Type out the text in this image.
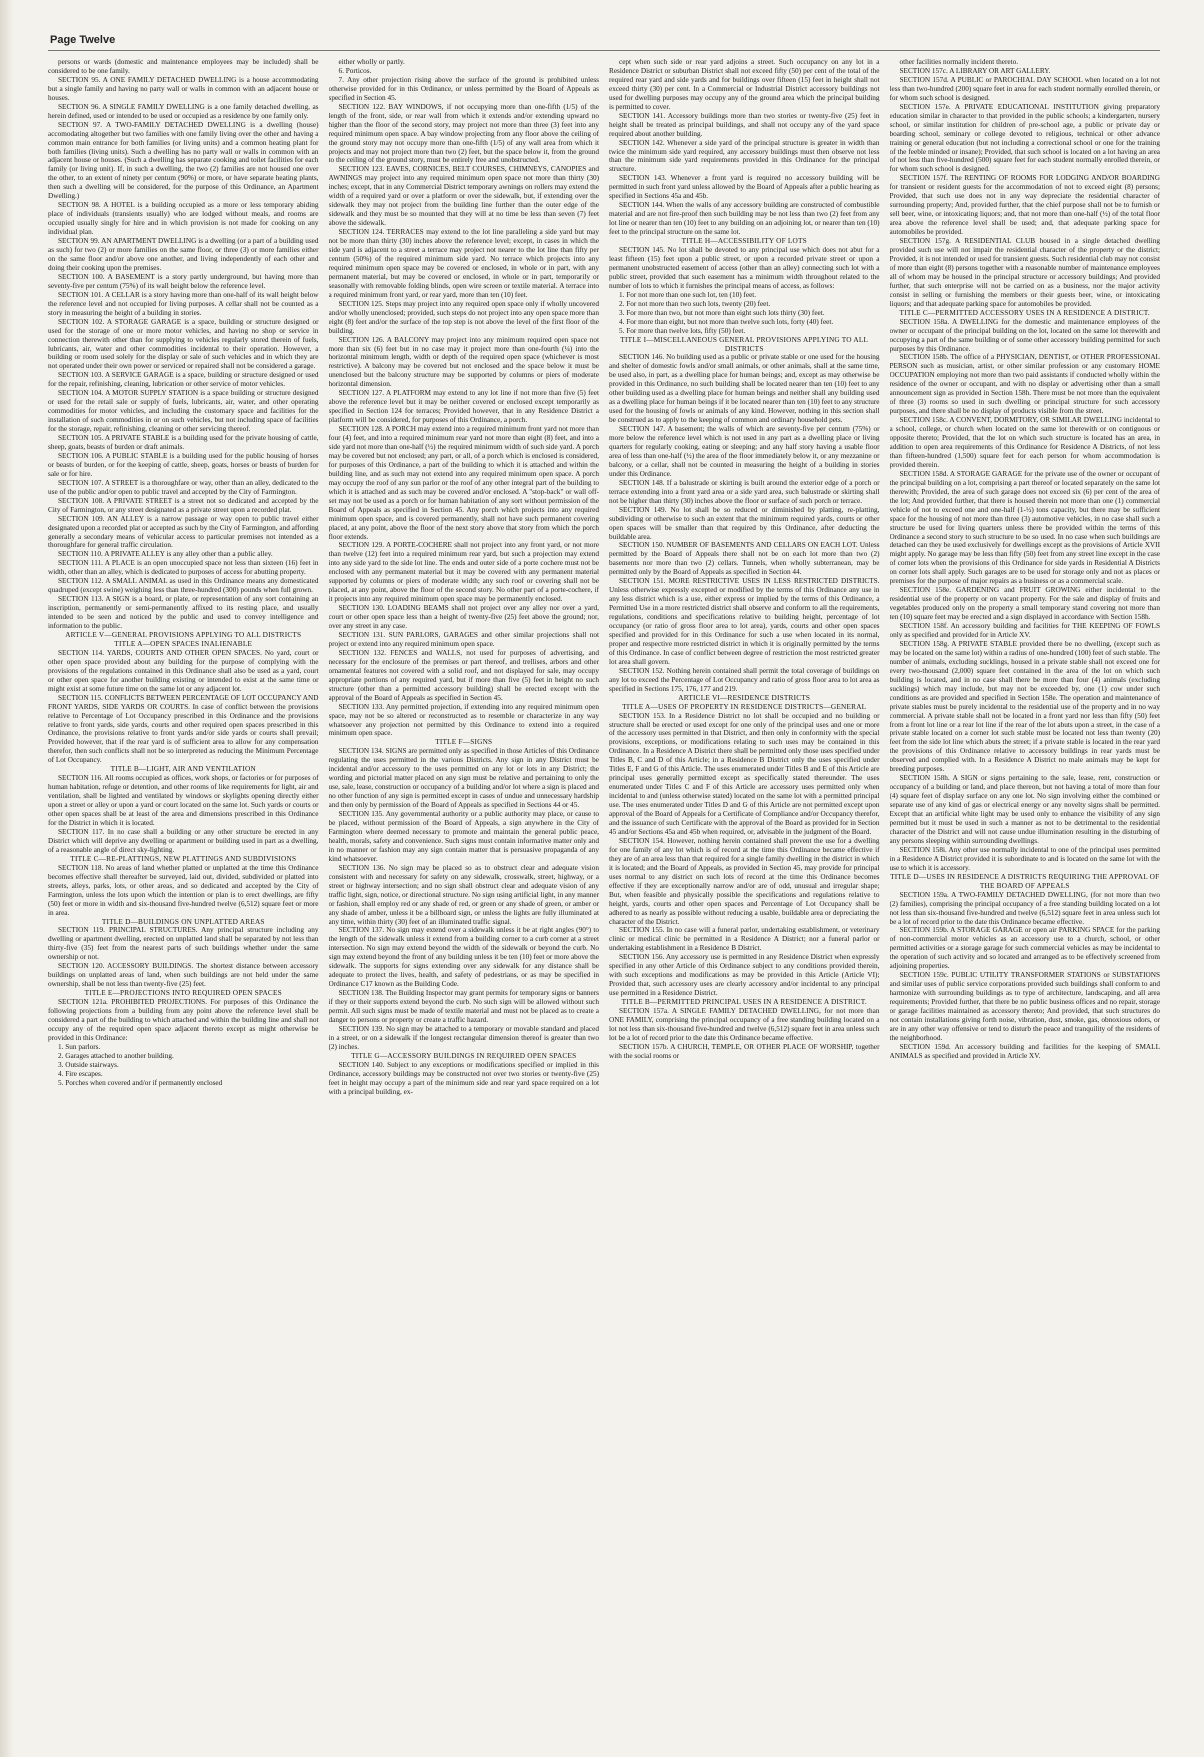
Page Twelve

persons or wards (domestic and maintenance employees may be included) shall be considered to be one family.

SECTION 95. A ONE FAMILY DETACHED DWELLING is a house accommodating but a single family and having no party wall or walls in common with an adjacent house or houses.

SECTION 96. A SINGLE FAMILY DWELLING is a one family detached dwelling, as herein defined, used or intended to be used or occupied as a residence by one family only.

SECTION 97. A TWO-FAMILY DETACHED DWELLING is a dwelling (house) accomodating altogether but two families with one family living over the other and having a common main entrance for both families (or living units) and a common heating plant for both families (living units). Such a dwelling has no party wall or walls in common with an adjacent house or houses. (Such a dwelling has separate cooking and toilet facilities for each family (or living unit). If, in such a dwelling, the two (2) families are not housed one over the other, to an extent of ninety per centum (90%) or more, or have separate heating plants, then such a dwelling will be considered, for the purpose of this Ordinance, an Apartment Dwelling.)

SECTION 98. A HOTEL is a building occupied as a more or less temporary abiding place of individuals (transients usually) who are lodged without meals, and rooms are occupied usually singly for hire and in which provision is not made for cooking on any individual plan.

SECTION 99. AN APARTMENT DWELLING is a dwelling (or a part of a building used as such) for two (2) or more families on the same floor, or three (3) or more families either on the same floor and/or above one another, and living independently of each other and doing their cooking upon the premises.

SECTION 100. A BASEMENT is a story partly underground, but having more than seventy-five per centum (75%) of its wall height below the reference level.

SECTION 101. A CELLAR is a story having more than one-half of its wall height below the reference level and not occupied for living purposes. A cellar shall not be counted as a story in measuring the height of a building in stories.

SECTION 102. A STORAGE GARAGE is a space, building or structure designed or used for the storage of one or more motor vehicles, and having no shop or service in connection therewith other than for supplying to vehicles regularly stored therein of fuels, lubricants, air, water and other commodities incidental to their operation. However, a building or room used solely for the display or sale of such vehicles and in which they are not operated under their own power or serviced or repaired shall not be considered a garage.

SECTION 103. A SERVICE GARAGE is a space, building or structure designed or used for the repair, refinishing, cleaning, lubrication or other service of motor vehicles.

SECTION 104. A MOTOR SUPPLY STATION is a space building or structure designed or used for the retail sale or supply of fuels, lubricants, air, water, and other operating commodities for motor vehicles, and including the customary space and facilities for the installation of such commodities in or on such vehicles, but not including space of facilities for the storage, repair, refinishing, cleaning or other servicing thereof.

SECTION 105. A PRIVATE STABLE is a building used for the private housing of cattle, sheep, goats, beasts of burden or draft animals.

SECTION 106. A PUBLIC STABLE is a building used for the public housing of horses or beasts of burden, or for the keeping of cattle, sheep, goats, horses or beasts of burden for sale or for hire.

SECTION 107. A STREET is a thoroughfare or way, other than an alley, dedicated to the use of the public and/or open to public travel and accepted by the City of Farmington.

SECTION 108. A PRIVATE STREET is a street not so dedicated and accepted by the City of Farmington, or any street designated as a private street upon a recorded plat.

SECTION 109. AN ALLEY is a narrow passage or way open to public travel either designated upon a recorded plat or accepted as such by the City of Farmington, and affording generally a secondary means of vehicular access to particular premises not intended as a thoroughfare for general traffic circulation.

SECTION 110. A PRIVATE ALLEY is any alley other than a public alley.

SECTION 111. A PLACE is an open unoccupied space not less than sixteen (16) feet in width, other than an alley, which is dedicated to purposes of access for abutting property.

SECTION 112. A SMALL ANIMAL as used in this Ordinance means any domesticated quadruped (except swine) weighing less than three-hundred (300) pounds when full grown.

SECTION 113. A SIGN is a board, or plate, or representation of any sort containing an inscription, permanently or semi-permanently affixed to its resting place, and usually intended to be seen and noticed by the public and used to convey intelligence and information to the public.

ARTICLE V—GENERAL PROVISIONS APPLYING TO ALL DISTRICTS

TITLE A—OPEN SPACES INALIENABLE

SECTION 114. YARDS, COURTS AND OTHER OPEN SPACES. No yard, court or other open space provided about any building for the purpose of complying with the provisions of the regulations contained in this Ordinance shall also be used as a yard, court or other open space for another building existing or intended to exist at the same time or might exist at some future time on the same lot or any adjacent lot.

SECTION 115. CONFLICTS BETWEEN PERCENTAGE OF LOT OCCUPANCY AND FRONT YARDS, SIDE YARDS OR COURTS. In case of conflict between the provisions relative to Percentage of Lot Occupancy prescribed in this Ordinance and the provisions relative to front yards, side yards, courts and other required open spaces prescribed in this Ordinance, the provisions relative to front yards and/or side yards or courts shall prevail; Provided however, that if the rear yard is of sufficient area to allow for any compensation therefor, then such conflicts shall not be so interpreted as reducing the Minimum Percentage of Lot Occupancy.

TITLE B—LIGHT, AIR AND VENTILATION

SECTION 116. All rooms occupied as offices, work shops, or factories or for purposes of human habitation, refuge or detention, and other rooms of like requirements for light, air and ventilation, shall be lighted and ventilated by windows or skylights opening directly either upon a street or alley or upon a yard or court located on the same lot. Such yards or courts or other open spaces shall be at least of the area and dimensions prescribed in this Ordinance for the District in which it is located.

SECTION 117. In no case shall a building or any other structure be erected in any District which will deprive any dwelling or apartment or building used in part as a dwelling, of a reasonable angle of direct sky-lighting.

TITLE C—RE-PLATTINGS, NEW PLATTINGS AND SUBDIVISIONS

SECTION 118. No areas of land whether platted or unplatted at the time this Ordinance becomes effective shall thereafter be surveyed, laid out, divided, subdivided or platted into streets, alleys, parks, lots, or other areas, and so dedicated and accepted by the City of Farmington, unless the lots upon which the intention or plan is to erect dwellings, are fifty (50) feet or more in width and six-thousand five-hundred twelve (6,512) square feet or more in area.

TITLE D—BUILDINGS ON UNPLATTED AREAS

SECTION 119. PRINCIPAL STRUCTURES. Any principal structure including any dwelling or apartment dwelling, erected on unplatted land shall be separated by not less than thirty-five (35) feet from the nearest parts of such buildings whether under the same ownership or not.

SECTION 120. ACCESSORY BUILDINGS. The shortest distance between accessory buildings on unplatted areas of land, when such buildings are not held under the same ownership, shall be not less than twenty-five (25) feet.

TITLE E—PROJECTIONS INTO REQUIRED OPEN SPACES

SECTION 121a. PROHIBITED PROJECTIONS. For purposes of this Ordinance the following projections from a building from any point above the reference level shall be considered a part of the building to which attached and within the building line and shall not occupy any of the required open space adjacent thereto except as might otherwise be provided in this Ordinance:

1. Sun parlors.

2. Garages attached to another building.

3. Outside stairways.

4. Fire escapes.

5. Porches when covered and/or if permanently enclosed

either wholly or partly.

6. Porticos.

7. Any other projection rising above the surface of the ground is prohibited unless otherwise provided for in this Ordinance, or unless permitted by the Board of Appeals as specified in Section 45.

SECTION 122. BAY WINDOWS, if not occupying more than one-fifth (1/5) of the length of the front, side, or rear wall from which it extends and/or extending upward no higher than the floor of the second story, may project not more than three (3) feet into any required minimum open space. A bay window projecting from any floor above the ceiling of the ground story may not occupy more than one-fifth (1/5) of any wall area from which it projects and may not project more than two (2) feet, but the space below it, from the ground to the ceiling of the ground story, must be entirely free and unobstructed.

SECTION 123. EAVES, CORNICES, BELT COURSES, CHIMNEYS, CANOPIES and AWNINGS may project into any required minimum open space not more than thirty (30) inches; except, that in any Commercial District temporary awnings on rollers may extend the width of a required yard or over a platform or over the sidewalk, but, if extending over the sidewalk they may not project from the building line further than the outer edge of the sidewalk and they must be so mounted that they will at no time be less than seven (7) feet above the sidewalk.

SECTION 124. TERRACES may extend to the lot line paralleling a side yard but may not be more than thirty (30) inches above the reference level; except, in cases in which the side yard is adjacent to a street a terrace may project not nearer to the lot line than fifty per centum (50%) of the required minimum side yard. No terrace which projects into any required minimum open space may be covered or enclosed, in whole or in part, with any permanent material, but may be covered or enclosed, in whole or in part, temporarily or seasonally with removable folding blinds, open wire screen or textile material. A terrace into a required minimum front yard, or rear yard, more than ten (10) feet.

SECTION 125. Steps may project into any required open space only if wholly uncovered and/or wholly unenclosed; provided, such steps do not project into any open space more than eight (8) feet and/or the surface of the top step is not above the level of the first floor of the building.

SECTION 126. A BALCONY may project into any minimum required open space not more than six (6) feet but in no case may it project more than one-fourth (¼) into the horizontal minimum length, width or depth of the required open space (whichever is most restrictive). A balcony may be covered but not enclosed and the space below it must be unenclosed but the balcony structure may be supported by columns or piers of moderate horizontal dimension.

SECTION 127. A PLATFORM may extend to any lot line if not more than five (5) feet above the reference level but it may be neither covered or enclosed except temporarily as specified in Section 124 for terraces; Provided however, that in any Residence District a platform will be considered, for purposes of this Ordinance, a porch.

SECTION 128. A PORCH may extend into a required minimum front yard not more than four (4) feet, and into a required minimum rear yard not more than eight (8) feet, and into a side yard not more than one-half (½) the required minimum width of such side yard. A porch may be covered but not enclosed; any part, or all, of a porch which is enclosed is considered, for purposes of this Ordinance, a part of the building to which it is attached and within the building line, and as such may not extend into any required minimum open space. A porch may occupy the roof of any sun parlor or the roof of any other integral part of the building to which it is attached and as such may be covered and/or enclosed. A "stop-back" or wall off-set may not be used as a porch or for human habitation of any sort without permission of the Board of Appeals as specified in Section 45. Any porch which projects into any required minimum open space, and is covered permanently, shall not have such permanent covering placed, at any point, above the floor of the next story above that story from which the porch floor extends.

SECTION 129. A PORTE-COCHERE shall not project into any front yard, or not more than twelve (12) feet into a required minimum rear yard, but such a projection may extend into any side yard to the side lot line. The ends and outer side of a porte cochere must not be enclosed with any permanent material but it may be covered with any permanent material supported by columns or piers of moderate width; any such roof or covering shall not be placed, at any point, above the floor of the second story. No other part of a porte-cochere, if it projects into any required minimum open space may be permanently enclosed.

SECTION 130. LOADING BEAMS shall not project over any alley nor over a yard, court or other open space less than a height of twenty-five (25) feet above the ground; nor, over any street in any case.

SECTION 131. SUN PARLORS, GARAGES and other similar projections shall not project or extend into any required minimum open space.

SECTION 132. FENCES and WALLS, not used for purposes of advertising, and necessary for the enclosure of the premises or part thereof, and trellises, arbors and other ornamental features not covered with a solid roof, and not displayed for sale, may occupy appropriate portions of any required yard, but if more than five (5) feet in height no such structure (other than a permitted accessory building) shall be erected except with the approval of the Board of Appeals as specified in Section 45.

SECTION 133. Any permitted projection, if extending into any required minimum open space, may not be so altered or reconstructed as to resemble or characterize in any way whatsoever any projection not permitted by this Ordinance to extend into a required minimum open space.

TITLE F—SIGNS

SECTION 134. SIGNS are permitted only as specified in those Articles of this Ordinance regulating the uses permitted in the various Districts. Any sign in any District must be incidental and/or accessory to the uses permitted on any lot or lots in any District; the wording and pictorial matter placed on any sign must be relative and pertaining to only the use, sale, lease, construction or occupancy of a building and/or lot where a sign is placed and no other function of any sign is permitted except in cases of undue and unnecessary hardship and then only by permission of the Board of Appeals as specified in Sections 44 or 45.

SECTION 135. Any governmental authority or a public authority may place, or cause to be placed, without permission of the Board of Appeals, a sign anywhere in the City of Farmington where deemed necessary to promote and maintain the general public peace, health, morals, safety and convenience. Such signs must contain informative matter only and in no manner or fashion may any sign contain matter that is persuasive propaganda of any kind whatsoever.

SECTION 136. No sign may be placed so as to obstruct clear and adequate vision consistent with and necessary for safety on any sidewalk, crosswalk, street, highway, or a street or highway intersection; and no sign shall obstruct clear and adequate vision of any traffic light, sign, notice, or directional structure. No sign using artificial light, in any manner or fashion, shall employ red or any shade of red, or green or any shade of green, or amber or any shade of amber, unless it be a billboard sign, or unless the lights are fully illuminated at any time, within thirty (30) feet of an illuminated traffic signal.

SECTION 137. No sign may extend over a sidewalk unless it be at right angles (90°) to the length of the sidewalk unless it extend from a building corner to a curb corner at a street intersection. No sign may extend beyond the width of the sidewalk or beyond the curb. No sign may extend beyond the front of any building unless it be ten (10) feet or more above the sidewalk. The supports for signs extending over any sidewalk for any distance shall be adequate to protect the lives, health, and safety of pedestrians, or as may be specified in Ordinance C17 known as the Building Code.

SECTION 138. The Building Inspector may grant permits for temporary signs or banners if they or their supports extend beyond the curb. No such sign will be allowed without such permit. All such signs must be made of textile material and must not be placed as to create a danger to persons or property or create a traffic hazard.

SECTION 139. No sign may be attached to a temporary or movable standard and placed in a street, or on a sidewalk if the longest rectangular dimension thereof is greater than two (2) inches.

TITLE G—ACCESSORY BUILDINGS IN REQUIRED OPEN SPACES

SECTION 140. Subject to any exceptions or modifications specified or implied in this Ordinance, accessory buildings may be constructed not over two stories or twenty-five (25) feet in height may occupy a part of the minimum side and rear yard space required on a lot with a principal building, ex-

cept when such side or rear yard adjoins a street. Such occupancy on any lot in a Residence District or suburban District shall not exceed fifty (50) per cent of the total of the required rear yard and side yards and for buildings over fifteen (15) feet in height shall not exceed thirty (30) per cent. In a Commercial or Industrial District accessory buildings not used for dwelling purposes may occupy any of the ground area which the principal building is permitted to cover.

SECTION 141. Accessory buildings more than two stories or twenty-five (25) feet in height shall be treated as principal buildings, and shall not occupy any of the yard space required about another building.

SECTION 142. Whenever a side yard of the principal structure is greater in width than twice the minimum side yard required, any accessory buildings must then observe not less than the minimum side yard requirements provided in this Ordinance for the principal structure.

SECTION 143. Whenever a front yard is required no accessory building will be permitted in such front yard unless allowed by the Board of Appeals after a public hearing as specified in Sections 45a and 45b.

SECTION 144. When the walls of any accessory building are constructed of combustible material and are not fire-proof then such building may be not less than two (2) feet from any lot line or nearer than ten (10) feet to any building on an adjoining lot, or nearer than ten (10) feet to the principal structure on the same lot.

TITLE H—ACCESSIBILITY OF LOTS

SECTION 145. No lot shall be devoted to any principal use which does not abut for a least fifteen (15) feet upon a public street, or upon a recorded private street or upon a permanent unobstructed easement of access (other than an alley) connecting such lot with a public street, provided that such easement has a minimum width throughout related to the number of lots to which it furnishes the principal means of access, as follows:

1. For not more than one such lot, ten (10) feet.

2. For not more than two such lots, twenty (20) feet.

3. For more than two, but not more than eight such lots thirty (30) feet.

4. For more than eight, but not more than twelve such lots, forty (40) feet.

5. For more than twelve lots, fifty (50) feet.

TITLE I—MISCELLANEOUS GENERAL PROVISIONS APPLYING TO ALL DISTRICTS

SECTION 146. No building used as a public or private stable or one used for the housing and shelter of domestic fowls and/or small animals, or other animals, shall at the same time, be used also, in part, as a dwelling place for human beings; and, except as may otherwise be provided in this Ordinance, no such building shall be located nearer than ten (10) feet to any other building used as a dwelling place for human beings and neither shall any building used as a dwelling place for human beings if it be located nearer than ten (10) feet to any structure used for the housing of fowls or animals of any kind. However, nothing in this section shall be construed as to apply to the keeping of common and ordinary household pets.

SECTION 147. A basement; the walls of which are seventy-five per centum (75%) or more below the reference level which is not used in any part as a dwelling place or living quarters for regularly cooking, eating or sleeping; and any half story having a usable floor area of less than one-half (½) the area of the floor immediately below it, or any mezzanine or balcony, or a cellar, shall not be counted in measuring the height of a building in stories under this Ordinance.

SECTION 148. If a balustrade or skirting is built around the exterior edge of a porch or terrace extending into a front yard area or a side yard area, such balustrade or skirting shall not be higher than thirty (30) inches above the floor or surface of such porch or terrace.

SECTION 149. No lot shall be so reduced or diminished by platting, re-platting, subdividing or otherwise to such an extent that the minimum required yards, courts or other open spaces will be smaller than that required by this Ordinance, after deducting the buildable area.

SECTION 150. NUMBER OF BASEMENTS AND CELLARS ON EACH LOT. Unless permitted by the Board of Appeals there shall not be on each lot more than two (2) basements nor more than two (2) cellars. Tunnels, when wholly subterranean, may be permitted only by the Board of Appeals as specified in Section 44.

SECTION 151. MORE RESTRICTIVE USES IN LESS RESTRICTED DISTRICTS. Unless otherwise expressly excepted or modified by the terms of this Ordinance any use in any less district which is a use, either express or implied by the terms of this Ordinance, a Permitted Use in a more restricted district shall observe and conform to all the requirements, regulations, conditions and specifications relative to building height, percentage of lot occupancy (or ratio of gross floor area to lot area), yards, courts and other open spaces specified and provided for in this Ordinance for such a use when located in its normal, proper and respective more restricted district in which it is originally permitted by the terms of this Ordinance. In case of conflict between degree of restriction the most restricted greater lot area shall govern.

SECTION 152. Nothing herein contained shall permit the total coverage of buildings on any lot to exceed the Percentage of Lot Occupancy and ratio of gross floor area to lot area as specified in Sections 175, 176, 177 and 219.

ARTICLE VI—RESIDENCE DISTRICTS

TITLE A—USES OF PROPERTY IN RESIDENCE DISTRICTS—GENERAL

SECTION 153. In a Residence District no lot shall be occupied and no building or structure shall be erected or used except for one only of the principal uses and one or more of the accessory uses permitted in that District, and then only in conformity with the special provisions, exceptions, or modifications relating to such uses may be contained in this Ordinance. In a Residence A District there shall be permitted only those uses specified under Titles B, C and D of this Article; in a Residence B District only the uses specified under Titles E, F and G of this Article. The uses enumerated under Titles B and E of this Article are principal uses generally permitted except as specifically stated thereunder. The uses enumerated under Titles C and F of this Article are accessory uses permitted only when incidental to and (unless otherwise stated) located on the same lot with a permitted principal use. The uses enumerated under Titles D and G of this Article are not permitted except upon approval of the Board of Appeals for a Certificate of Compliance and/or Occupancy therefor, and the issuance of such Certificate with the approval of the Board as provided for in Section 45 and/or Sections 45a and 45b when required, or, advisable in the judgment of the Board.

SECTION 154. However, nothing herein contained shall prevent the use for a dwelling for one family of any lot which is of record at the time this Ordinance became effective if they are of an area less than that required for a single family dwelling in the district in which it is located; and the Board of Appeals, as provided in Section 45, may provide for principal uses normal to any district on such lots of record at the time this Ordinance becomes effective if they are exceptionally narrow and/or are of odd, unusual and irregular shape; But, when feasible and physically possible the specifications and regulations relative to height, yards, courts and other open spaces and Percentage of Lot Occupancy shall be adhered to as nearly as possible without reducing a usable, buildable area or depreciating the character of the District.

SECTION 155. In no case will a funeral parlor, undertaking establishment, or veterinary clinic or medical clinic be permitted in a Residence A District; nor a funeral parlor or undertaking establishment in a Residence B District.

SECTION 156. Any accessory use is permitted in any Residence District when expressly specified in any other Article of this Ordinance subject to any conditions provided therein, with such exceptions and modifications as may be provided in this Article (Article VI); Provided that, such accessory uses are clearly accessory and/or incidental to any principal use permitted in a Residence District.

TITLE B—PERMITTED PRINCIPAL USES IN A RESIDENCE A DISTRICT.

SECTION 157a. A SINGLE FAMILY DETACHED DWELLING, for not more than ONE FAMILY, comprising the principal occupancy of a free standing building located on a lot not less than six-thousand five-hundred and twelve (6,512) square feet in area unless such lot be a lot of record prior to the date this Ordinance became effective.

SECTION 157b. A CHURCH, TEMPLE, OR OTHER PLACE OF WORSHIP, together with the social rooms or

other facilities normally incident thereto.

SECTION 157c. A LIBRARY OR ART GALLERY.

SECTION 157d. A PUBLIC or PAROCHIAL DAY SCHOOL when located on a lot not less than two-hundred (200) square feet in area for each student normally enrolled therein, or for whom such school is designed.

SECTION 157e. A PRIVATE EDUCATIONAL INSTITUTION giving preparatory education similar in character to that provided in the public schools; a kindergarten, nursery school, or similar institution for children of pre-school age, a public or private day or boarding school, seminary or college devoted to religious, technical or other advance training or general education (but not including a correctional school or one for the training of the feeble minded or insane); Provided, that such school is located on a lot having an area of not less than five-hundred (500) square feet for each student normally enrolled therein, or for whom such school is designed.

SECTION 157f. The RENTING OF ROOMS FOR LODGING AND/OR BOARDING for transient or resident guests for the accommodation of not to exceed eight (8) persons; Provided, that such use does not in any way depreciate the residential character of surrounding property; And, provided further, that the chief purpose shall not be to furnish or sell beer, wine, or intoxicating liquors; and, that not more than one-half (½) of the total floor area above the reference level shall be used; and, that adequate parking space for automobiles be provided.

SECTION 157g. A RESIDENTIAL CLUB housed in a single detached dwelling provided such use will not impair the residential character of the property or the district; Provided, it is not intended or used for transient guests. Such residential club may not consist of more than eight (8) persons together with a reasonable number of maintenance employees all of whom may be housed in the principal structure or accessory buildings; And provided further, that such enterprise will not be carried on as a business, nor the major activity consist in selling or furnishing the members or their guests beer, wine, or intoxicating liquors; and that adequate parking space for automobiles be provided.

TITLE C—PERMITTED ACCESSORY USES IN A RESIDENCE A DISTRICT.

SECTION 158a. A DWELLING for the domestic and maintenance employees of the owner or occupant of the principal building on the lot, located on the same lot therewith and occupying a part of the same building or of some other accessory building permitted for such purposes by this Ordinance.

SECTION 158b. The office of a PHYSICIAN, DENTIST, or OTHER PROFESSIONAL PERSON such as musician, artist, or other similar profession or any customary HOME OCCUPATION employing not more than two paid assistants if conducted wholly within the residence of the owner or occupant, and with no display or advertising other than a small announcement sign as provided in Section 158h. There must be not more than the equivalent of three (3) rooms so used in such dwelling or principal structure for such accessory purposes, and there shall be no display of products visible from the street.

SECTION 158c. A CONVENT, DORMITORY, OR SIMILAR DWELLING incidental to a school, college, or church when located on the same lot therewith or on contiguous or opposite thereto; Provided, that the lot on which such structure is located has an area, in addition to open area requirements of this Ordinance for Residence A Districts, of not less than fifteen-hundred (1,500) square feet for each person for whom accommodation is provided therein.

SECTION 158d. A STORAGE GARAGE for the private use of the owner or occupant of the principal building on a lot, comprising a part thereof or located separately on the same lot therewith; Provided, the area of such garage does not exceed six (6) per cent of the area of the lot; And provided further, that there is housed therein not more than one (1) commercial vehicle of not to exceed one and one-half (1-½) tons capacity, but there may be sufficient space for the housing of not more than three (3) automotive vehicles, in no case shall such a structure be used for living quarters unless there be provided within the terms of this Ordinance a second story to such structure to be so used. In no case when such buildings are detached can they be used exclusively for dwellings except as the provisions of Article XVII might apply. No garage may be less than fifty (50) feet from any street line except in the case of corner lots when the provisions of this Ordinance for side yards in Residential A Districts on corner lots shall apply. Such garages are to be used for storage only and not as places or premises for the purpose of major repairs as a business or as a commercial scale.

SECTION 158e. GARDENING and FRUIT GROWING either incidental to the residential use of the property or on vacant property. For the sale and display of fruits and vegetables produced only on the property a small temporary stand covering not more than ten (10) square feet may be erected and a sign displayed in accordance with Section 158h.

SECTION 158f. An accessory building and facilities for THE KEEPING OF FOWLS only as specified and provided for in Article XV.

SECTION 158g. A PRIVATE STABLE provided there be no dwelling, (except such as may be located on the same lot) within a radius of one-hundred (100) feet of such stable. The number of animals, excluding sucklings, housed in a private stable shall not exceed one for every two-thousand (2,000) square feet contained in the area of the lot on which such building is located, and in no case shall there be more than four (4) animals (excluding sucklings) which may include, but may not be exceeded by, one (1) cow under such conditions as are provided and specified in Section 158e. The operation and maintenance of private stables must be purely incidental to the residential use of the property and in no way commercial. A private stable shall not be located in a front yard nor less than fifty (50) feet from a front lot line or a rear lot line if the rear of the lot abuts upon a street, in the case of a private stable located on a corner lot such stable must be located not less than twenty (20) feet from the side lot line which abuts the street; if a private stable is located in the rear yard the provisions of this Ordinance relative to accessory buildings in rear yards must be observed and complied with. In a Residence A District no male animals may be kept for breeding purposes.

SECTION 158h. A SIGN or signs pertaining to the sale, lease, rent, construction or occupancy of a building or land, and place thereon, but not having a total of more than four (4) square feet of display surface on any one lot. No sign involving either the combined or separate use of any kind of gas or electrical energy or any novelty signs shall be permitted. Except that an artificial white light may be used only to enhance the visibility of any sign permitted but it must be used in such a manner as not to be detrimental to the residential character of the District and will not cause undue illumination resulting in the disturbing of any persons sleeping within surrounding dwellings.

SECTION 158i. Any other use normally incidental to one of the principal uses permitted in a Residence A District provided it is subordinate to and is located on the same lot with the use to which it is accessory.

TITLE D—USES IN RESIDENCE A DISTRICTS REQUIRING THE APPROVAL OF THE BOARD OF APPEALS

SECTION 159a. A TWO-FAMILY DETACHED DWELLING, (for not more than two (2) families), comprising the principal occupancy of a free standing building located on a lot not less than six-thousand five-hundred and twelve (6,512) square feet in area unless such lot be a lot of record prior to the date this Ordinance became effective.

SECTION 159b. A STORAGE GARAGE or open air PARKING SPACE for the parking of non-commercial motor vehicles as an accessory use to a church, school, or other permitted activities or a storage garage for such commercial vehicles as may be incidental to the operation of such activity and so located and arranged as to be effectively screened from adjoining properties.

SECTION 159c. PUBLIC UTILITY TRANSFORMER STATIONS or SUBSTATIONS and similar uses of public service corporations provided such buildings shall conform to and harmonize with surrounding buildings as to type of architecture, landscaping, and all area requirements; Provided further, that there be no public business offices and no repair, storage or garage facilities maintained as accessory thereto; And provided, that such structures do not contain installations giving forth noise, vibration, dust, smoke, gas, obnoxious odors, or are in any other way offensive or tend to disturb the peace and tranquility of the residents of the neighborhood.

SECTION 159d. An accessory building and facilities for the keeping of SMALL ANIMALS as specified and provided in Article XV.
